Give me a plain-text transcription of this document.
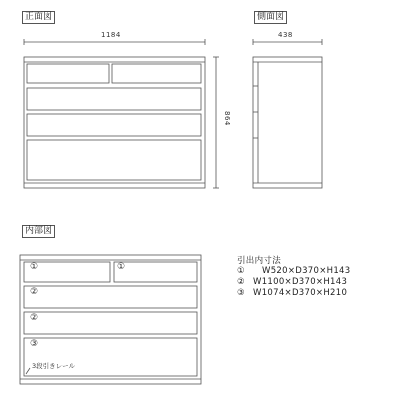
正面図	側面図
内部図
1184
864
438
①	①
②
②
③
3段引きレール
引出内寸法
① W520×D370×H143
② W1100×D370×H143
③ W1074×D370×H210
